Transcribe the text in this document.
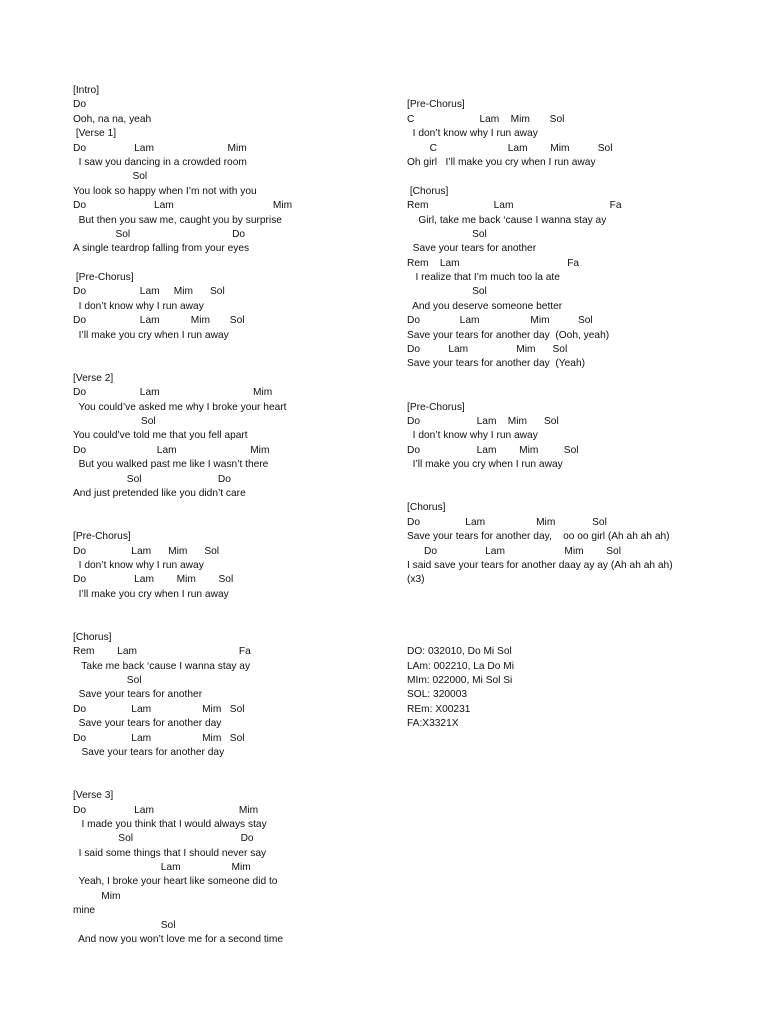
[Intro]
Do
Ooh, na na, yeah
[Verse 1]
Do                 Lam                          Mim
I saw you dancing in a crowded room
Sol
You look so happy when I’m not with you
Do                        Lam                                   Mim
But then you saw me, caught you by surprise
Sol                                    Do
A single teardrop falling from your eyes
[Pre-Chorus]
Do                   Lam     Mim      Sol
I don’t know why I run away
Do                   Lam           Mim       Sol
I’ll make you cry when I run away
[Verse 2]
Do                   Lam                                 Mim
You could’ve asked me why I broke your heart
Sol
You could’ve told me that you fell apart
Do                         Lam                          Mim
But you walked past me like I wasn’t there
Sol                           Do
And just pretended like you didn’t care
[Pre-Chorus]
Do                Lam      Mim      Sol
I don’t know why I run away
Do                 Lam        Mim        Sol
I’ll make you cry when I run away
[Chorus]
Rem        Lam                                    Fa
Take me back ‘cause I wanna stay ay
Sol
Save your tears for another
Do                Lam                  Mim   Sol
Save your tears for another day
Do                Lam                  Mim   Sol
Save your tears for another day
[Verse 3]
Do                 Lam                              Mim
I made you think that I would always stay
Sol                                      Do
I said some things that I should never say
Lam                  Mim
Yeah, I broke your heart like someone did to
Mim
mine
Sol
And now you won’t love me for a second time
[Pre-Chorus]
C                       Lam    Mim       Sol
I don’t know why I run away
C                         Lam        Mim          Sol
Oh girl   I’ll make you cry when I run away
[Chorus]
Rem                       Lam                                  Fa
Girl, take me back ‘cause I wanna stay ay
Sol
Save your tears for another
Rem    Lam                                      Fa
I realize that I’m much too la ate
Sol
And you deserve someone better
Do              Lam                  Mim          Sol
Save your tears for another day  (Ooh, yeah)
Do          Lam                 Mim      Sol
Save your tears for another day  (Yeah)
[Pre-Chorus]
Do                    Lam    Mim      Sol
I don’t know why I run away
Do                    Lam        Mim         Sol
I’ll make you cry when I run away
[Chorus]
Do                Lam                  Mim             Sol
Save your tears for another day,    oo oo girl (Ah ah ah ah)
Do                 Lam                     Mim        Sol
I said save your tears for another daay ay ay (Ah ah ah ah)
(x3)
DO: 032010, Do Mi Sol
LAm: 002210, La Do Mi
MIm: 022000, Mi Sol Si
SOL: 320003
REm: X00231
FA:X3321X
